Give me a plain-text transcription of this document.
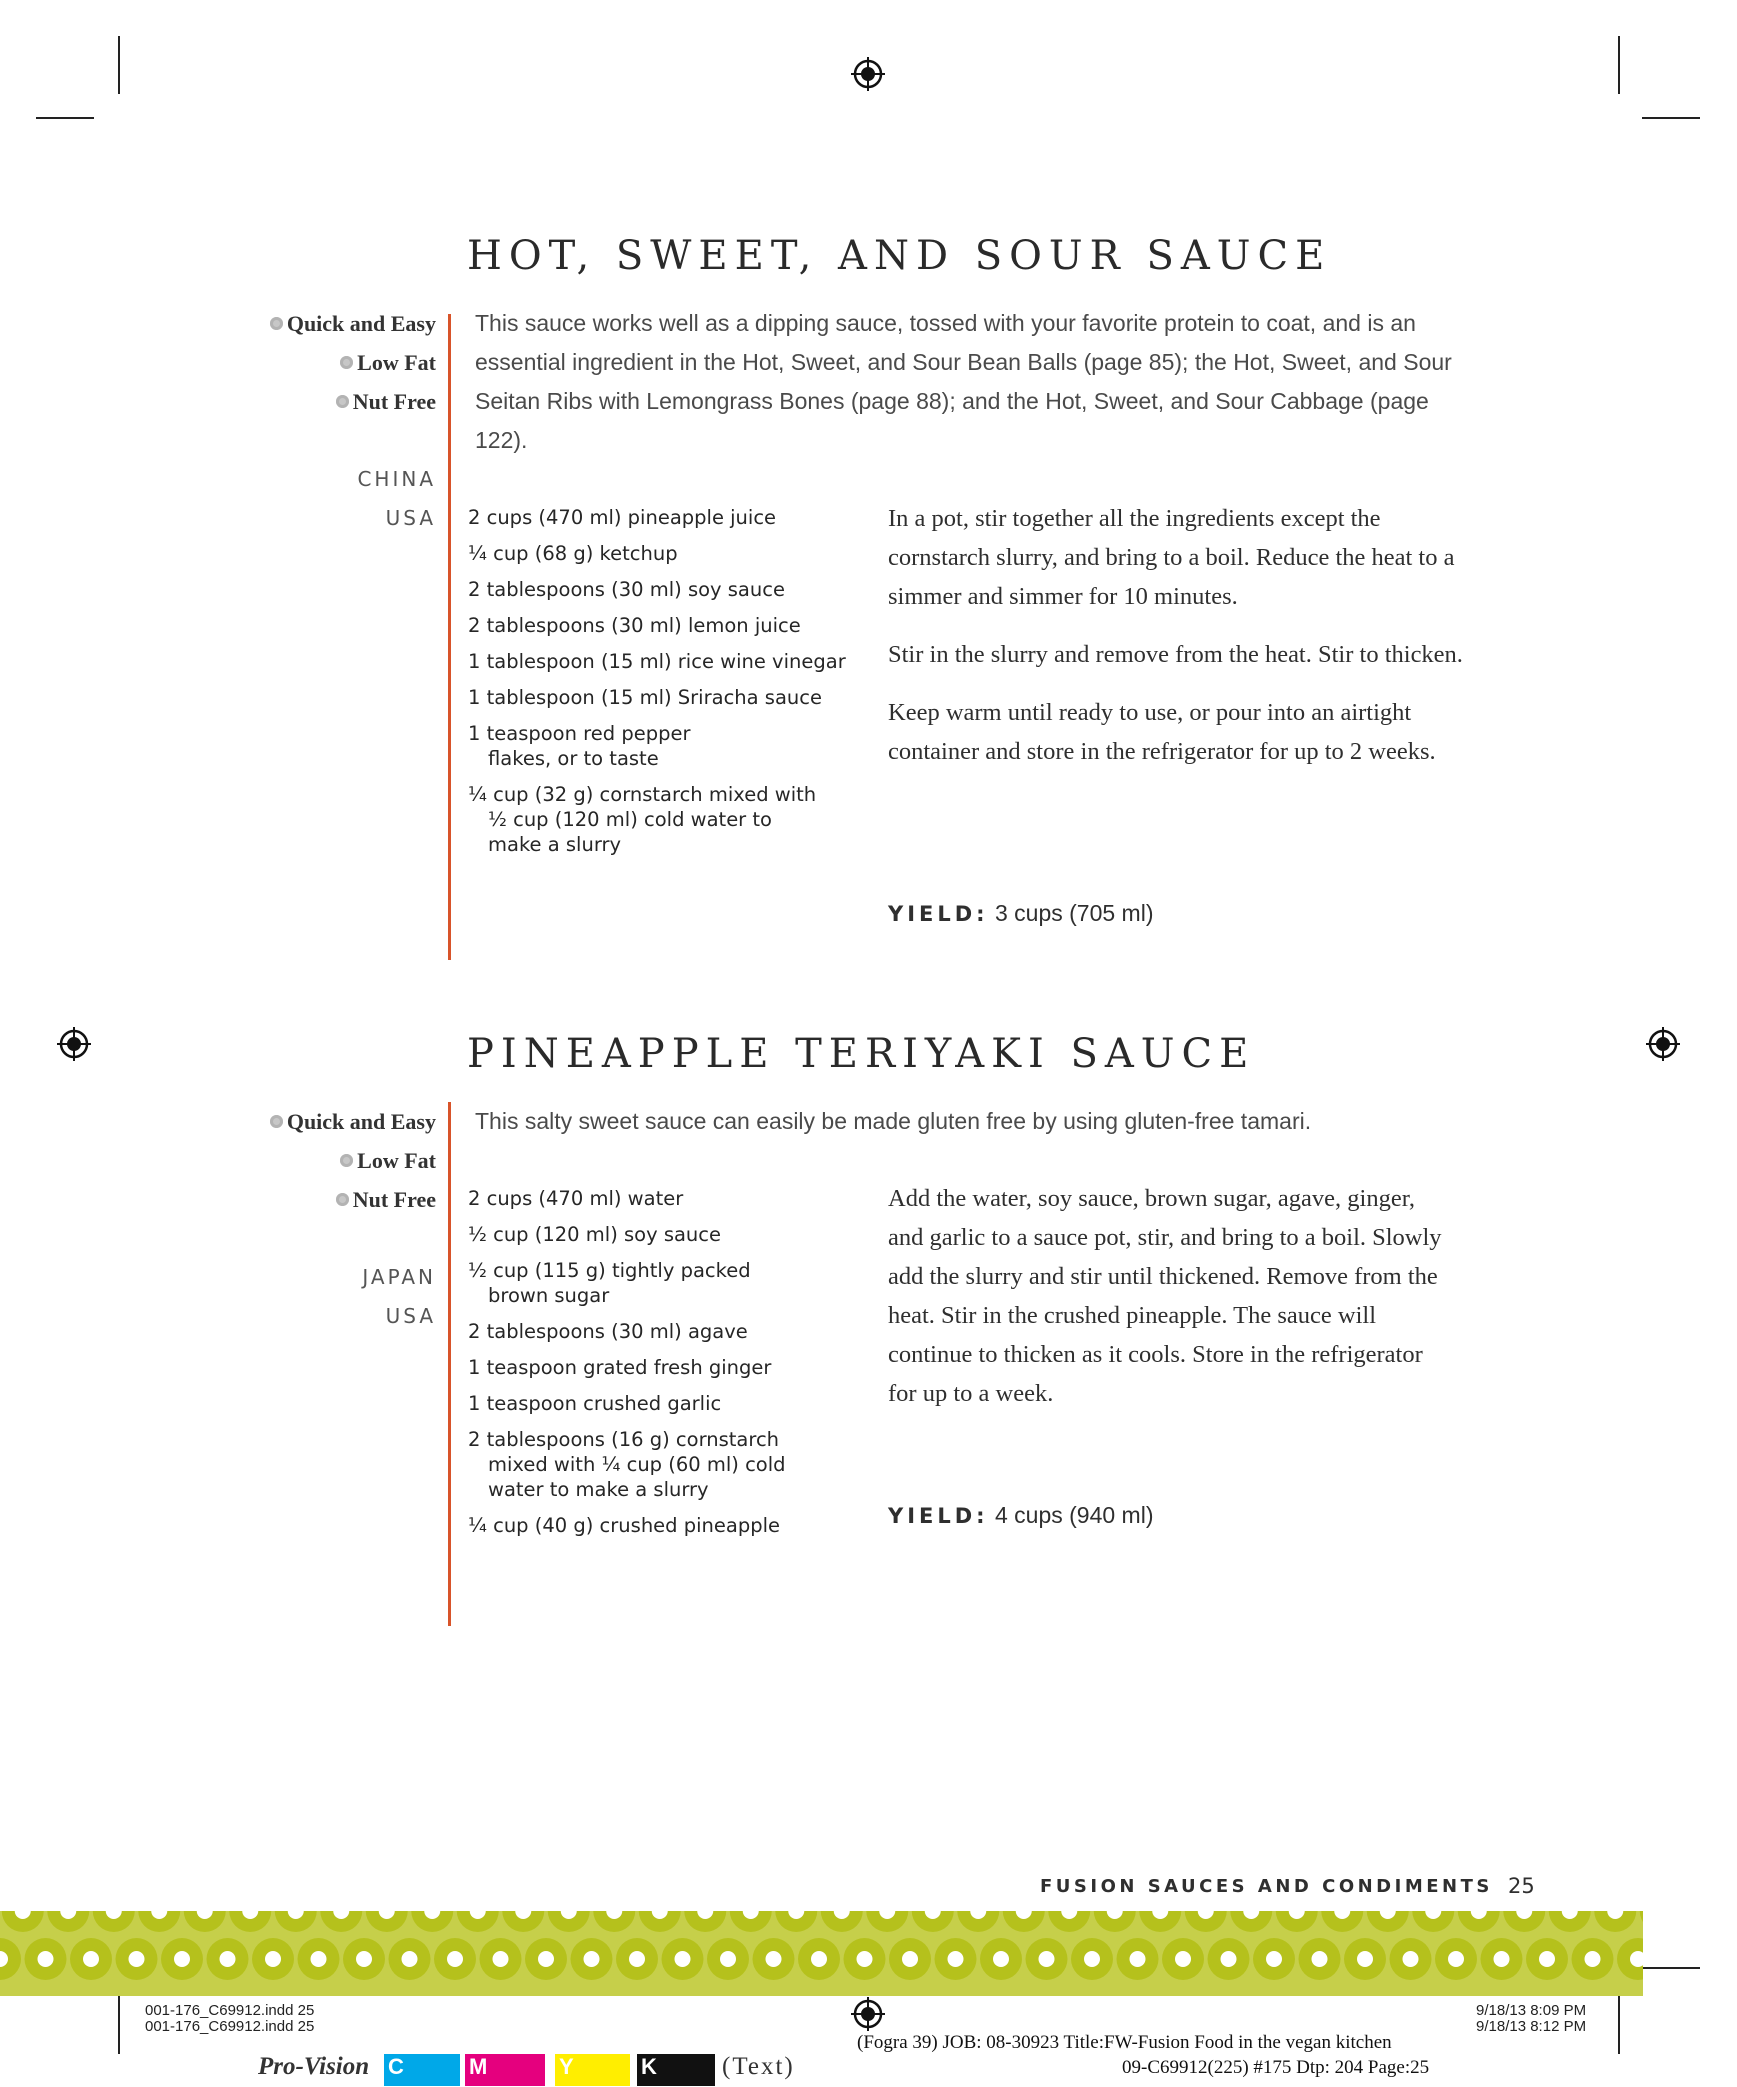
HOT, SWEET, AND SOUR SAUCE
Quick and Easy
Low Fat
Nut Free
CHINA
USA

This sauce works well as a dipping sauce, tossed with your favorite protein to coat, and is an essential ingredient in the Hot, Sweet, and Sour Bean Balls (page 85); the Hot, Sweet, and Sour Seitan Ribs with Lemongrass Bones (page 88); and the Hot, Sweet, and Sour Cabbage (page 122).

2 cups (470 ml) pineapple juice
¼ cup (68 g) ketchup
2 tablespoons (30 ml) soy sauce
2 tablespoons (30 ml) lemon juice
1 tablespoon (15 ml) rice wine vinegar
1 tablespoon (15 ml) Sriracha sauce
1 teaspoon red pepper flakes, or to taste
¼ cup (32 g) cornstarch mixed with ½ cup (120 ml) cold water to make a slurry

In a pot, stir together all the ingredients except the cornstarch slurry, and bring to a boil. Reduce the heat to a simmer and simmer for 10 minutes.

Stir in the slurry and remove from the heat. Stir to thicken.

Keep warm until ready to use, or pour into an airtight container and store in the refrigerator for up to 2 weeks.

YIELD: 3 cups (705 ml)
PINEAPPLE TERIYAKI SAUCE
Quick and Easy
Low Fat
Nut Free
JAPAN
USA

This salty sweet sauce can easily be made gluten free by using gluten-free tamari.

2 cups (470 ml) water
½ cup (120 ml) soy sauce
½ cup (115 g) tightly packed brown sugar
2 tablespoons (30 ml) agave
1 teaspoon grated fresh ginger
1 teaspoon crushed garlic
2 tablespoons (16 g) cornstarch mixed with ¼ cup (60 ml) cold water to make a slurry
¼ cup (40 g) crushed pineapple

Add the water, soy sauce, brown sugar, agave, ginger, and garlic to a sauce pot, stir, and bring to a boil. Slowly add the slurry and stir until thickened. Remove from the heat. Stir in the crushed pineapple. The sauce will continue to thicken as it cools. Store in the refrigerator for up to a week.

YIELD: 4 cups (940 ml)
FUSION SAUCES AND CONDIMENTS 25
001-176_C69912.indd 25
001-176_C69912.indd 25
9/18/13 8:09 PM
9/18/13 8:12 PM
(Fogra 39) JOB: 08-30923 Title:FW-Fusion Food in the vegan kitchen
09-C69912(225) #175 Dtp: 204 Page:25
Pro-Vision C	M	Y	K	(Text)
